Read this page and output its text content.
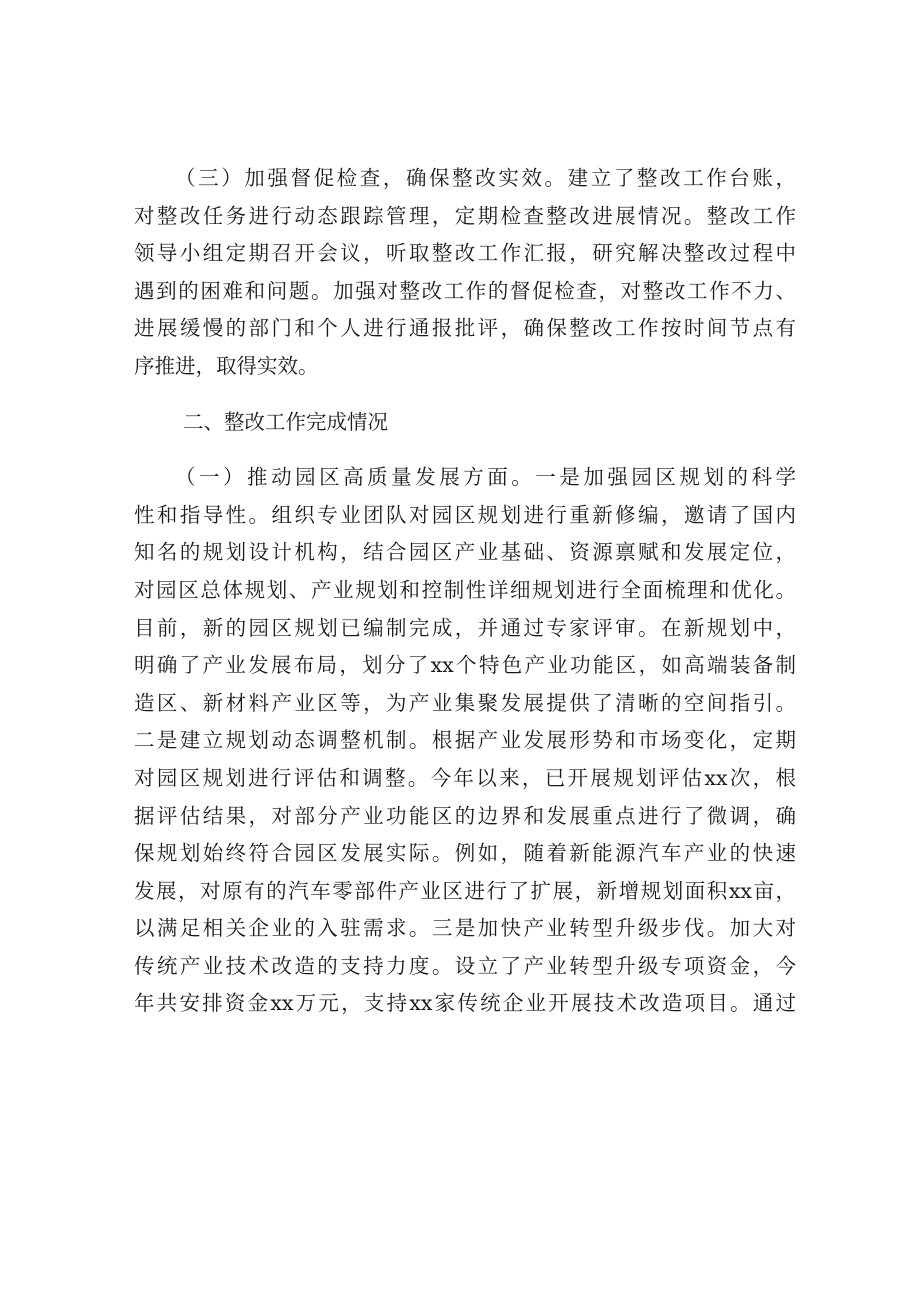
（三）加强督促检查，确保整改实效。建立了整改工作台账，
对整改任务进行动态跟踪管理，定期检查整改进展情况。整改工作
领导小组定期召开会议，听取整改工作汇报，研究解决整改过程中
遇到的困难和问题。加强对整改工作的督促检查，对整改工作不力、
进展缓慢的部门和个人进行通报批评，确保整改工作按时间节点有
序推进，取得实效。
二、整改工作完成情况
（一）推动园区高质量发展方面。一是加强园区规划的科学
性和指导性。组织专业团队对园区规划进行重新修编，邀请了国内
知名的规划设计机构，结合园区产业基础、资源禀赋和发展定位，
对园区总体规划、产业规划和控制性详细规划进行全面梳理和优化。
目前，新的园区规划已编制完成，并通过专家评审。在新规划中，
明确了产业发展布局，划分了xx个特色产业功能区，如高端装备制
造区、新材料产业区等，为产业集聚发展提供了清晰的空间指引。
二是建立规划动态调整机制。根据产业发展形势和市场变化，定期
对园区规划进行评估和调整。今年以来，已开展规划评估xx次，根
据评估结果，对部分产业功能区的边界和发展重点进行了微调，确
保规划始终符合园区发展实际。例如，随着新能源汽车产业的快速
发展，对原有的汽车零部件产业区进行了扩展，新增规划面积xx亩，
以满足相关企业的入驻需求。三是加快产业转型升级步伐。加大对
传统产业技术改造的支持力度。设立了产业转型升级专项资金，今
年共安排资金xx万元，支持xx家传统企业开展技术改造项目。通过
